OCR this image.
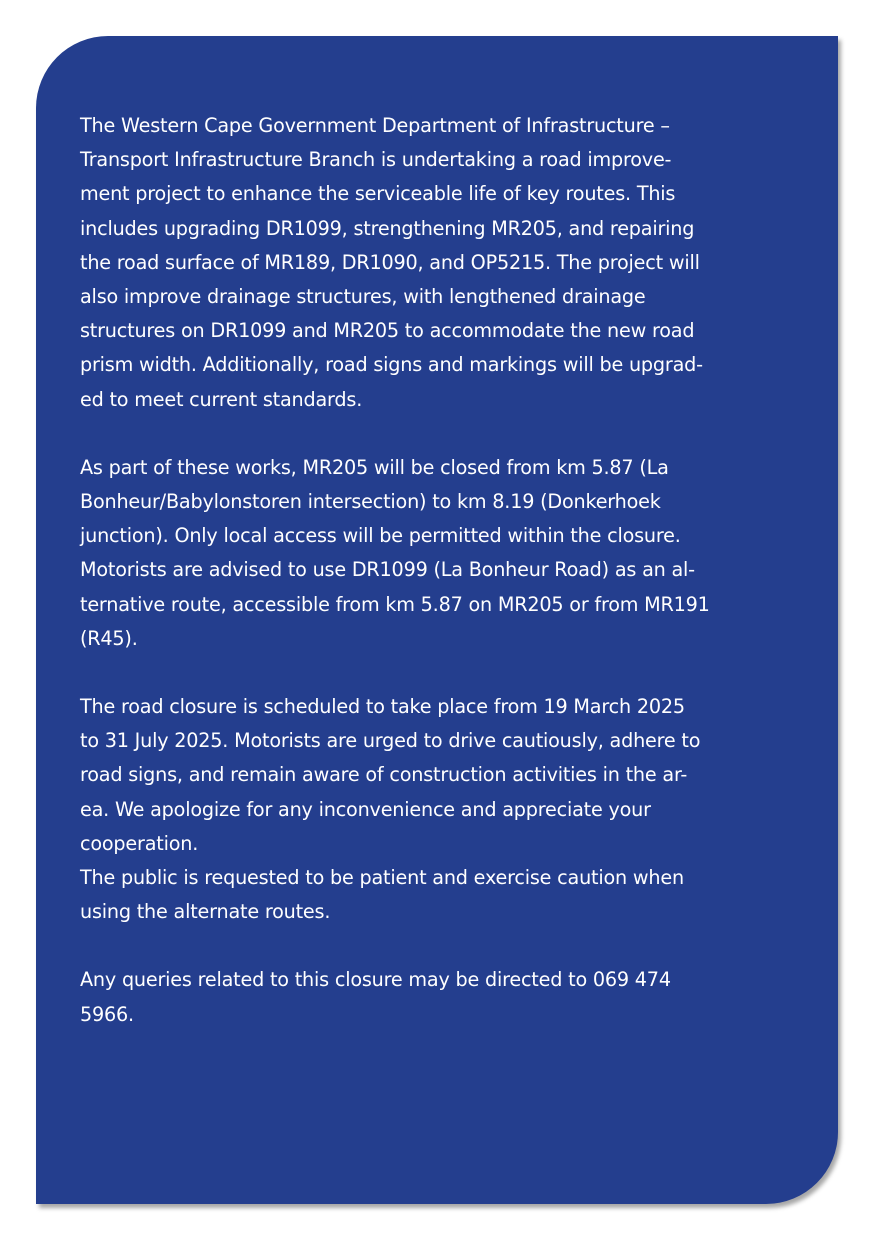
The Western Cape Government Department of Infrastructure –
Transport Infrastructure Branch is undertaking a road improve-
ment project to enhance the serviceable life of key routes. This
includes upgrading DR1099, strengthening MR205, and repairing
the road surface of MR189, DR1090, and OP5215. The project will
also improve drainage structures, with lengthened drainage
structures on DR1099 and MR205 to accommodate the new road
prism width. Additionally, road signs and markings will be upgrad-
ed to meet current standards.

As part of these works, MR205 will be closed from km 5.87 (La
Bonheur/Babylonstoren intersection) to km 8.19 (Donkerhoek
junction). Only local access will be permitted within the closure.
Motorists are advised to use DR1099 (La Bonheur Road) as an al-
ternative route, accessible from km 5.87 on MR205 or from MR191
(R45).

The road closure is scheduled to take place from 19 March 2025
to 31 July 2025. Motorists are urged to drive cautiously, adhere to
road signs, and remain aware of construction activities in the ar-
ea. We apologize for any inconvenience and appreciate your
cooperation.

The public is requested to be patient and exercise caution when
using the alternate routes.

Any queries related to this closure may be directed to 069 474
5966.
